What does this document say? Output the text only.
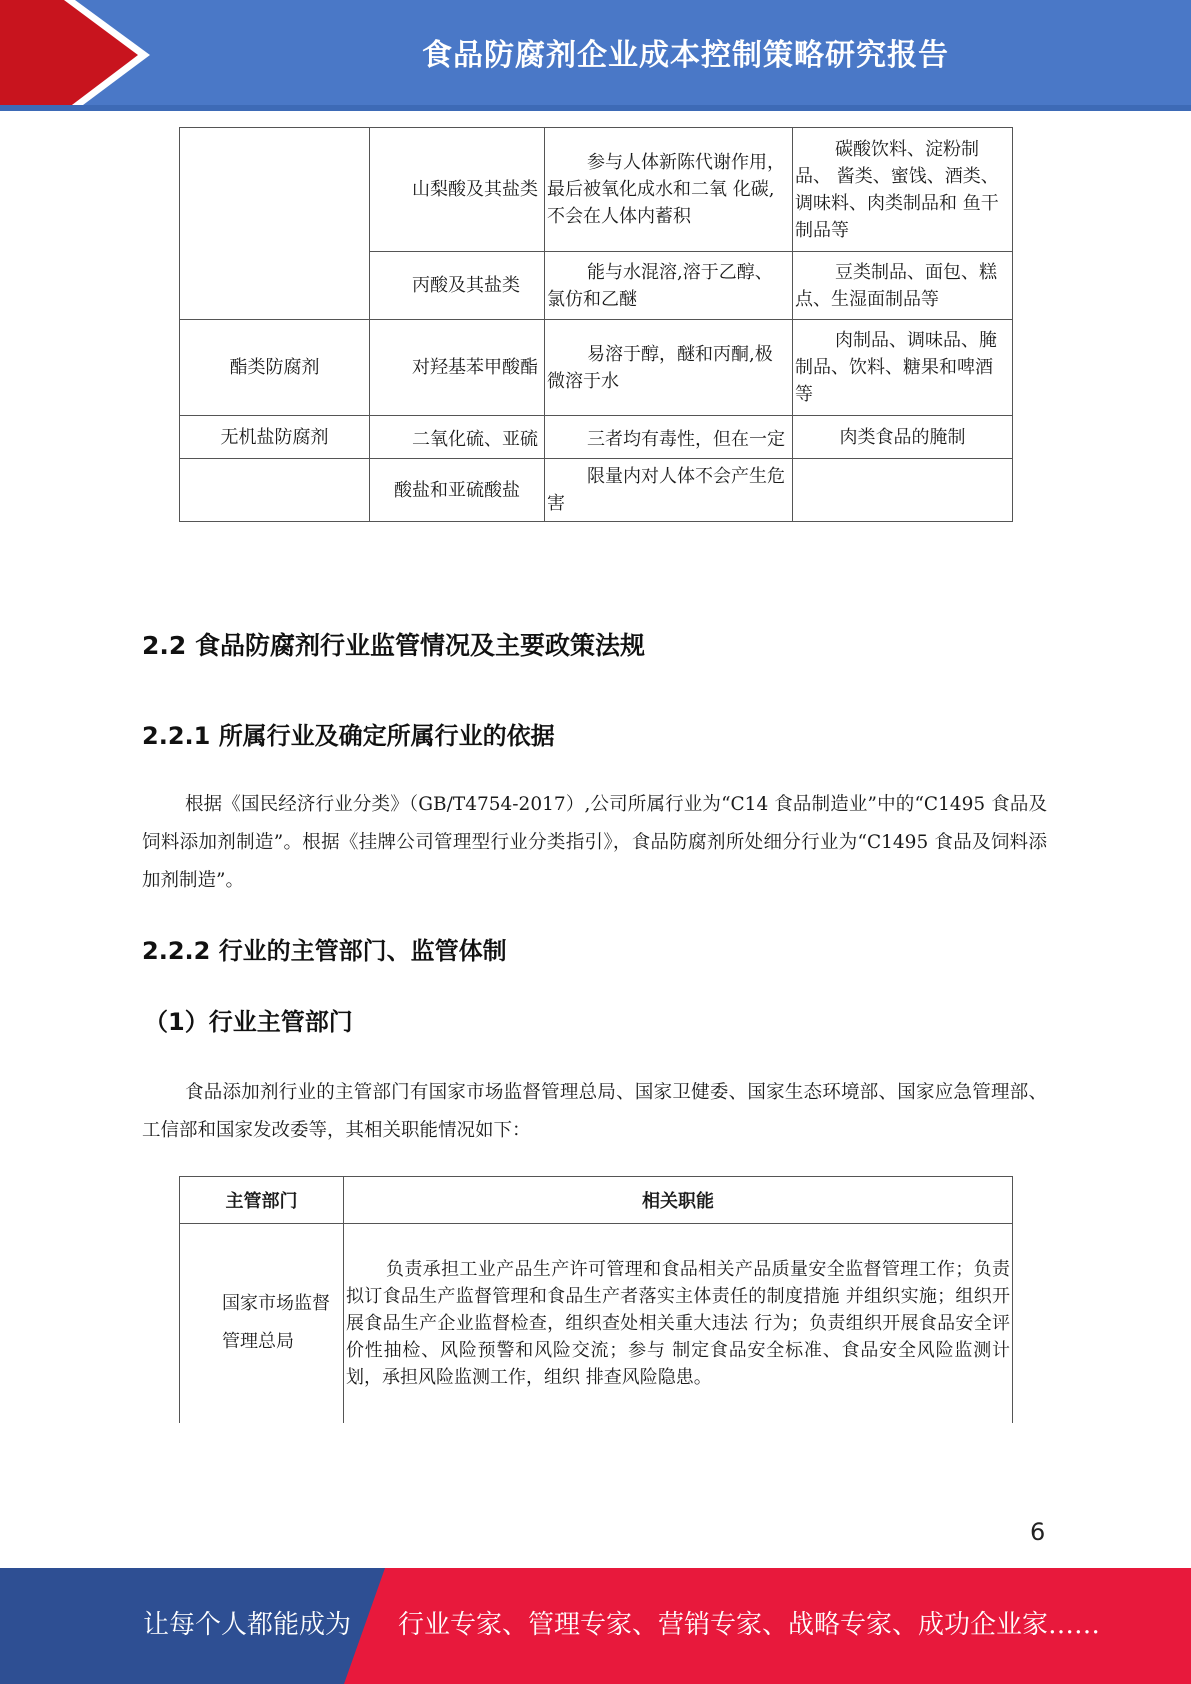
食品防腐剂企业成本控制策略研究报告
	山梨酸及其盐类	参与人体新陈代谢作用， 最后被氧化成水和二氧 化碳,不会在人体内蓄积	碳酸饮料、淀粉制品、 酱类、蜜饯、酒类、 调味料、肉类制品和 鱼干制品等
	丙酸及其盐类	能与水混溶,溶于乙醇、氯仿和乙醚	豆类制品、面包、糕 点、生湿面制品等
酯类防腐剂	对羟基苯甲酸酯	易溶于醇，醚和丙酮,极 微溶于水	肉制品、调味品、腌 制品、饮料、糖果和啤酒等
无机盐防腐剂	二氧化硫、亚硫	三者均有毒性，但在一定	肉类食品的腌制
	酸盐和亚硫酸盐	限量内对人体不会产生危害	
2.2 食品防腐剂行业监管情况及主要政策法规
2.2.1 所属行业及确定所属行业的依据

根据《国民经济行业分类》（GB/T4754-2017）,公司所属行业为“C14 食品制造业”中的“C1495 食品及饲料添加剂制造”。根据《挂牌公司管理型行业分类指引》，食品防腐剂所处细分行业为“C1495 食品及饲料添加剂制造”。

2.2.2 行业的主管部门、监管体制
（1）行业主管部门

食品添加剂行业的主管部门有国家市场监督管理总局、国家卫健委、国家生态环境部、国家应急管理部、工信部和国家发改委等，其相关职能情况如下：

主管部门	相关职能
国家市场监督管理总局	负责承担工业产品生产许可管理和食品相关产品质量安全监督管理工作；负责拟订食品生产监督管理和食品生产者落实主体责任的制度措施 并组织实施；组织开展食品生产企业监督检查，组织查处相关重大违法 行为；负责组织开展食品安全评价性抽检、风险预警和风险交流；参与 制定食品安全标准、食品安全风险监测计划，承担风险监测工作，组织 排查风险隐患。
6
让每个人都能成为 行业专家、管理专家、营销专家、战略专家、成功企业家……
